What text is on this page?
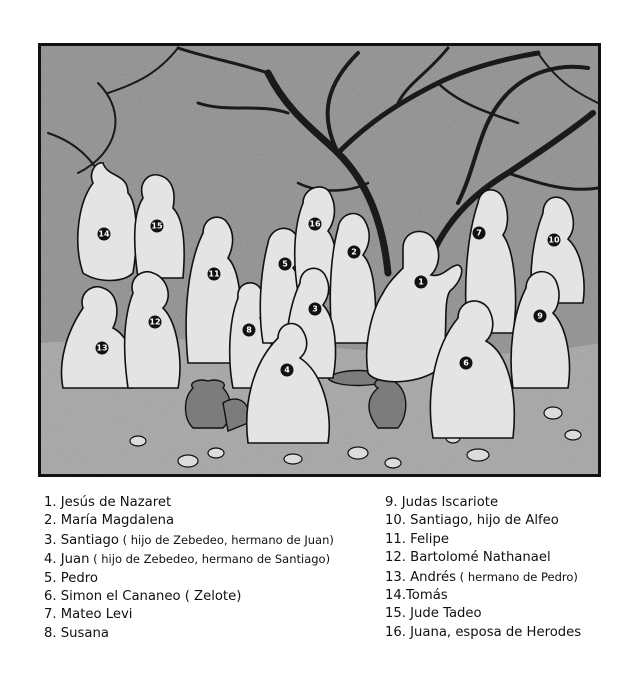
1
2
3
4
5
6
7
8
9
10
11
12
13
14
15	16
1. Jesús de Nazaret
2. María Magdalena
3. Santiago ( hijo de Zebedeo, hermano de Juan)
4. Juan ( hijo de Zebedeo, hermano de Santiago)
5. Pedro
6. Simon el Cananeo ( Zelote)
7. Mateo Levi
8. Susana
9. Judas Iscariote
10. Santiago, hijo de Alfeo
11. Felipe
12. Bartolomé Nathanael
13. Andrés ( hermano de Pedro)
14.Tomás
15. Jude Tadeo
16. Juana, esposa de Herodes
